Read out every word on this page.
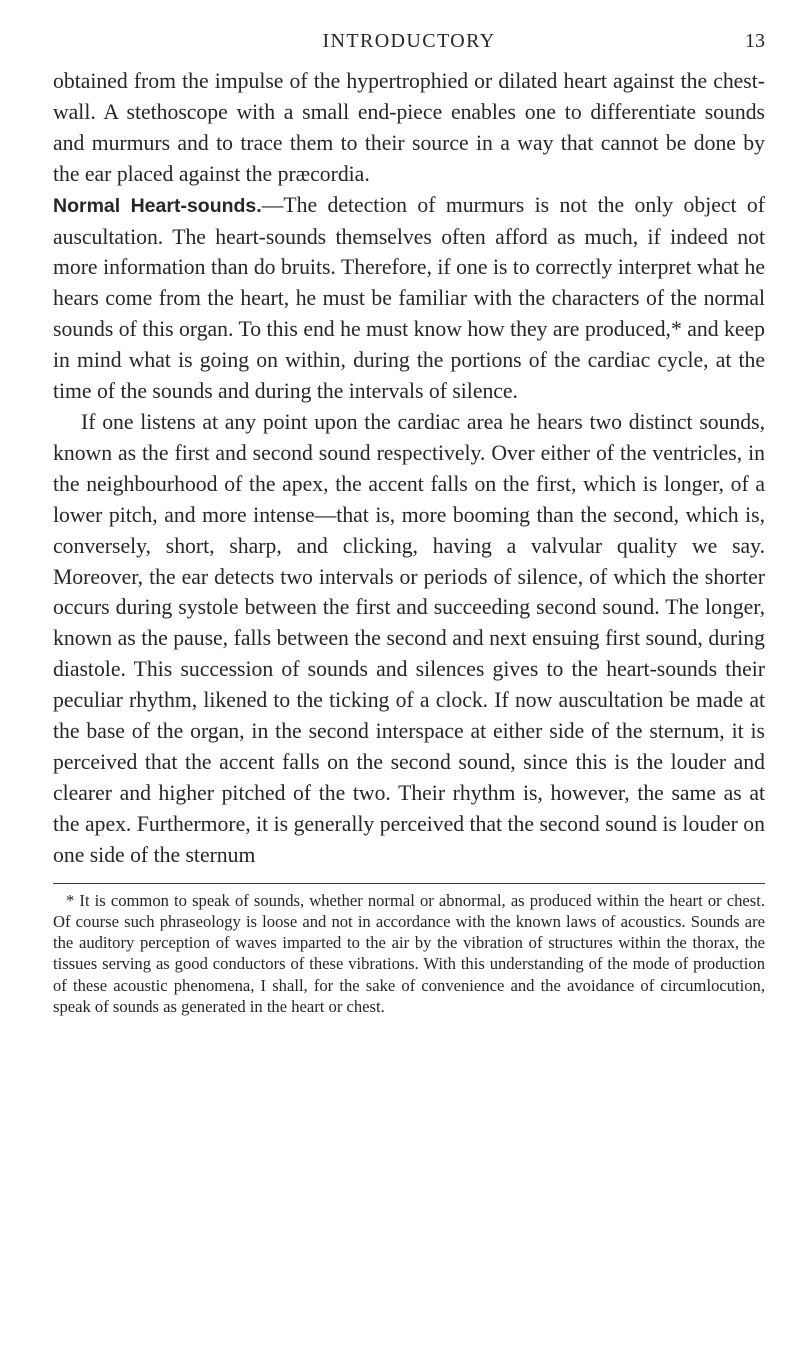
INTRODUCTORY	13

obtained from the impulse of the hypertrophied or dilated heart against the chest-wall. A stethoscope with a small end-piece enables one to differentiate sounds and murmurs and to trace them to their source in a way that cannot be done by the ear placed against the præcordia.

Normal Heart-sounds.—The detection of murmurs is not the only object of auscultation. The heart-sounds themselves often afford as much, if indeed not more information than do bruits. Therefore, if one is to correctly interpret what he hears come from the heart, he must be familiar with the characters of the normal sounds of this organ. To this end he must know how they are produced,* and keep in mind what is going on within, during the portions of the cardiac cycle, at the time of the sounds and during the intervals of silence.

If one listens at any point upon the cardiac area he hears two distinct sounds, known as the first and second sound respectively. Over either of the ventricles, in the neighbourhood of the apex, the accent falls on the first, which is longer, of a lower pitch, and more intense—that is, more booming than the second, which is, conversely, short, sharp, and clicking, having a valvular quality we say. Moreover, the ear detects two intervals or periods of silence, of which the shorter occurs during systole between the first and succeeding second sound. The longer, known as the pause, falls between the second and next ensuing first sound, during diastole. This succession of sounds and silences gives to the heart-sounds their peculiar rhythm, likened to the ticking of a clock. If now auscultation be made at the base of the organ, in the second interspace at either side of the sternum, it is perceived that the accent falls on the second sound, since this is the louder and clearer and higher pitched of the two. Their rhythm is, however, the same as at the apex. Furthermore, it is generally perceived that the second sound is louder on one side of the sternum

* It is common to speak of sounds, whether normal or abnormal, as produced within the heart or chest. Of course such phraseology is loose and not in accordance with the known laws of acoustics. Sounds are the auditory perception of waves imparted to the air by the vibration of structures within the thorax, the tissues serving as good conductors of these vibrations. With this understanding of the mode of production of these acoustic phenomena, I shall, for the sake of convenience and the avoidance of circumlocution, speak of sounds as generated in the heart or chest.
